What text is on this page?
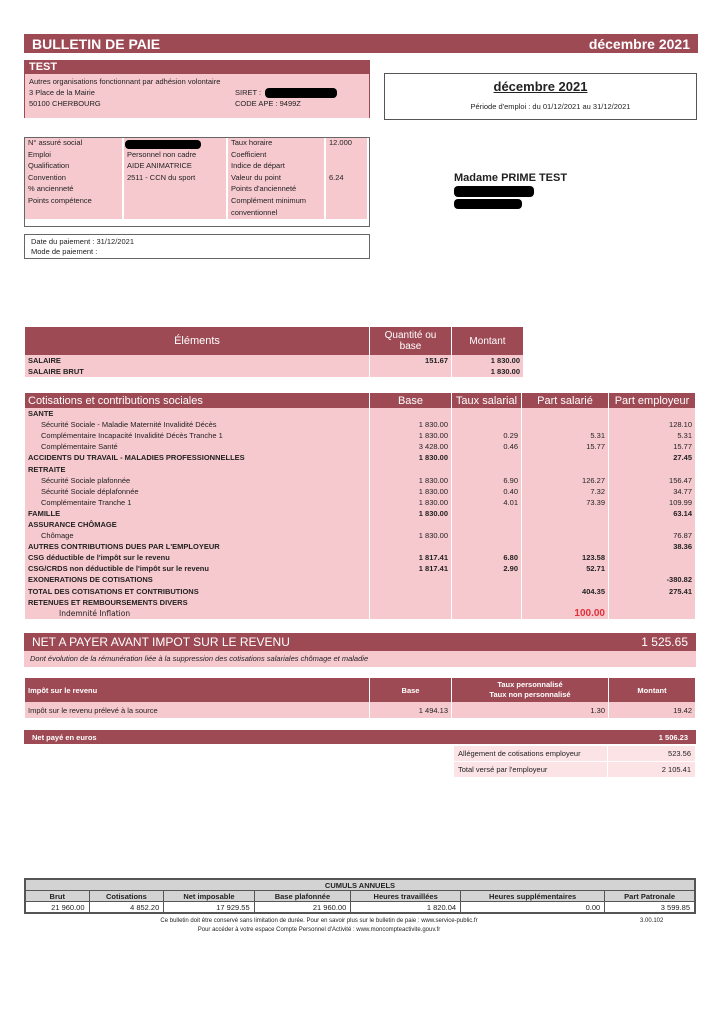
BULLETIN DE PAIE	décembre 2021
TEST
Autres organisations fonctionnant par adhésion volontaire
3 Place de la Mairie
50100 CHERBOURG
SIRET :
CODE APE : 9499Z
décembre 2021
Période d'emploi : du 01/12/2021 au 31/12/2021
N° assuré social		Taux horaire	12.000
Emploi	Personnel non cadre	Coefficient	
Qualification	AIDE ANIMATRICE	Indice de départ	
Convention	2511 - CCN du sport	Valeur du point	6.24
% ancienneté		Points d'ancienneté	
Points compétence		Complément minimum	
		conventionnel	
Date du paiement : 31/12/2021
Mode de paiement :
Madame PRIME TEST
Éléments	Quantité ou base	Montant
SALAIRE	151.67	1 830.00
SALAIRE BRUT		1 830.00
Cotisations et contributions sociales	Base	Taux salarial	Part salarié	Part employeur
SANTE				
Sécurité Sociale - Maladie Maternité Invalidité Décès	1 830.00			128.10
Complémentaire Incapacité Invalidité Décès Tranche 1	1 830.00	0.29	5.31	5.31
Complémentaire Santé	3 428.00	0.46	15.77	15.77
ACCIDENTS DU TRAVAIL - MALADIES PROFESSIONNELLES	1 830.00			27.45
RETRAITE				
Sécurité Sociale plafonnée	1 830.00	6.90	126.27	156.47
Sécurité Sociale déplafonnée	1 830.00	0.40	7.32	34.77
Complémentaire Tranche 1	1 830.00	4.01	73.39	109.99
FAMILLE	1 830.00			63.14
ASSURANCE CHÔMAGE				
Chômage	1 830.00			76.87
AUTRES CONTRIBUTIONS DUES PAR L'EMPLOYEUR				38.36
CSG déductible de l'impôt sur le revenu	1 817.41	6.80	123.58	
CSG/CRDS non déductible de l'impôt sur le revenu	1 817.41	2.90	52.71	
EXONERATIONS DE COTISATIONS				-380.82
TOTAL DES COTISATIONS ET CONTRIBUTIONS			404.35	275.41
RETENUES ET REMBOURSEMENTS DIVERS				
Indemnité Inflation			100.00	
NET A PAYER AVANT IMPOT SUR LE REVENU	1 525.65
Dont évolution de la rémunération liée à la suppression des cotisations salariales chômage et maladie
Impôt sur le revenu	Base	Taux personnalisé
Taux non personnalisé	Montant
Impôt sur le revenu prélevé à la source	1 494.13	1.30	19.42
Net payé en euros	1 506.23
Allégement de cotisations employeur	523.56
Total versé par l'employeur	2 105.41
CUMULS ANNUELS						
Brut	Cotisations	Net imposable	Base plafonnée	Heures travaillées	Heures supplémentaires	Part Patronale
21 960.00	4 852.20	17 929.55	21 960.00	1 820.04	0.00	3 599.85
Ce bulletin doit être conservé sans limitation de durée. Pour en savoir plus sur le bulletin de paie : www.service-public.fr
Pour accéder à votre espace Compte Personnel d'Activité : www.moncompteactivite.gouv.fr
3.00.102
